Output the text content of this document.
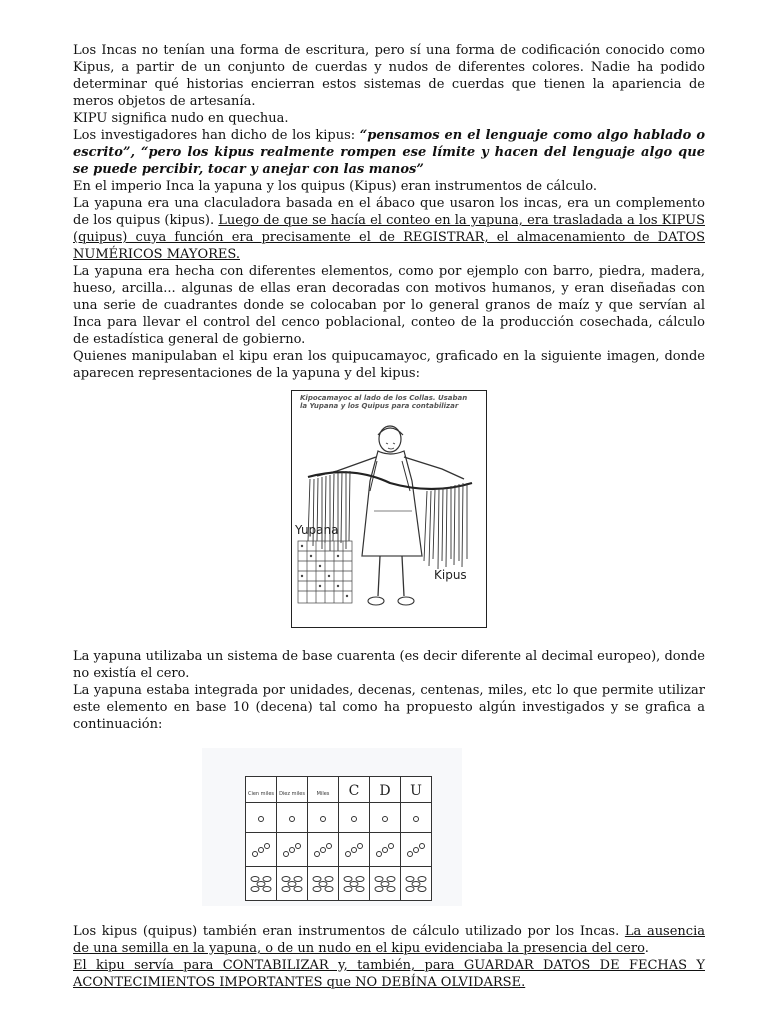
Los Incas no tenían una forma de escritura, pero sí una forma de codificación conocido como Kipus, a partir de un conjunto de cuerdas y nudos de diferentes colores. Nadie ha podido determinar qué historias encierran estos sistemas de cuerdas que tienen la apariencia de meros objetos de artesanía.

KIPU significa nudo en quechua.

Los investigadores han dicho de los kipus: “pensamos en el lenguaje como algo hablado o escrito”, “pero los kipus realmente rompen ese límite y hacen del lenguaje algo que se puede percibir, tocar y anejar con las manos”

En el imperio Inca la yapuna y los quipus (Kipus) eran instrumentos de cálculo.

La yapuna era una claculadora basada en el ábaco que usaron los incas, era un complemento de los quipus (kipus). Luego de que se hacía el conteo en la yapuna, era trasladada a los KIPUS (quipus) cuya función era precisamente el de REGISTRAR, el almacenamiento de DATOS NUMÉRICOS MAYORES.

La yapuna era hecha con diferentes elementos, como por ejemplo con barro, piedra, madera, hueso, arcilla... algunas de ellas eran decoradas con motivos humanos, y eran diseñadas con una serie de cuadrantes donde se colocaban por lo general granos de maíz y que servían al Inca para llevar el control del cenco poblacional, conteo de la producción cosechada, cálculo de estadística general de gobierno.

Quienes manipulaban el kipu eran los quipucamayoc, graficado en la siguiente imagen, donde aparecen representaciones de la yapuna y del kipus:

Kipocamayoc al lado de los Collas. Usaban la Yupana y los Quipus para contabilizar
Yupana
Kipus

La yapuna utilizaba un sistema de base cuarenta (es decir diferente al decimal europeo), donde no existía el cero.

La yapuna estaba integrada por unidades, decenas, centenas, miles, etc lo que permite utilizar este elemento en base 10 (decena) tal como ha propuesto algún investigados y se grafica a continuación:

Cien miles	Diez miles	Miles	C	D	U

Los kipus (quipus) también eran instrumentos de cálculo utilizado por los Incas. La ausencia de una semilla en la yapuna, o de un nudo en el kipu evidenciaba la presencia del cero.

El kipu servía para CONTABILIZAR y, también, para GUARDAR DATOS DE FECHAS Y ACONTECIMIENTOS IMPORTANTES que NO DEBÍNA OLVIDARSE.
